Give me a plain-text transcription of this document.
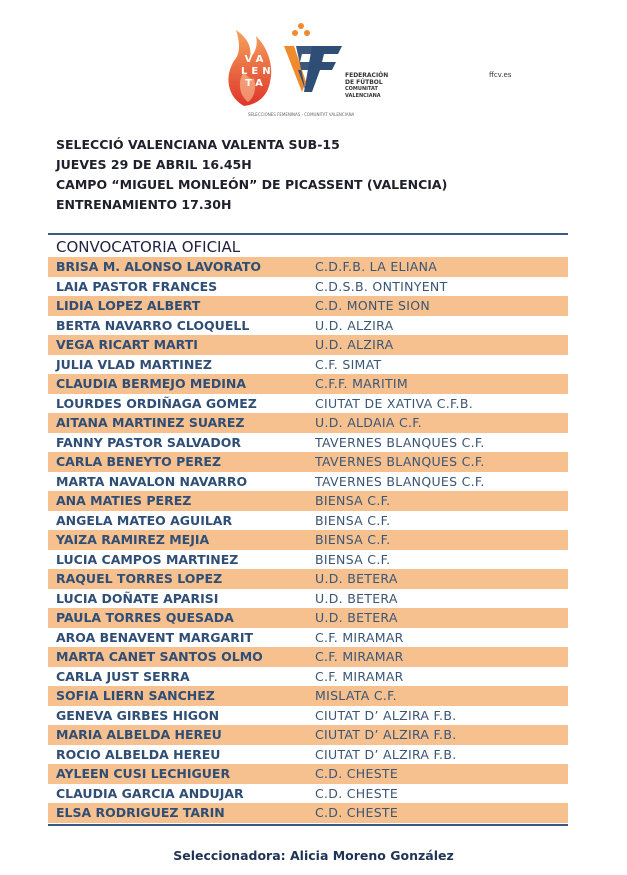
VA
LEN
TA
SELECCIONES FEMENINAS · COMUNITAT VALENCIANA
FEDERACIÓN
DE FÚTBOL
COMUNITAT
VALENCIANA
ffcv.es
SELECCIÓ VALENCIANA VALENTA SUB-15
JUEVES 29 DE ABRIL 16.45H
CAMPO “MIGUEL MONLEÓN” DE PICASSENT (VALENCIA)
ENTRENAMIENTO 17.30H
CONVOCATORIA OFICIAL
BRISA M. ALONSO LAVORATO	C.D.F.B. LA ELIANA
LAIA PASTOR FRANCES	C.D.S.B. ONTINYENT
LIDIA LOPEZ ALBERT	C.D. MONTE SION
BERTA NAVARRO CLOQUELL	U.D. ALZIRA
VEGA RICART MARTI	U.D. ALZIRA
JULIA VLAD MARTINEZ	C.F. SIMAT
CLAUDIA BERMEJO MEDINA	C.F.F. MARITIM
LOURDES ORDIÑAGA GOMEZ	CIUTAT DE XATIVA C.F.B.
AITANA MARTINEZ SUAREZ	U.D. ALDAIA C.F.
FANNY PASTOR SALVADOR	TAVERNES BLANQUES C.F.
CARLA BENEYTO PEREZ	TAVERNES BLANQUES C.F.
MARTA NAVALON NAVARRO	TAVERNES BLANQUES C.F.
ANA MATIES PEREZ	BIENSA C.F.
ANGELA MATEO AGUILAR	BIENSA C.F.
YAIZA RAMIREZ MEJIA	BIENSA C.F.
LUCIA CAMPOS MARTINEZ	BIENSA C.F.
RAQUEL TORRES LOPEZ	U.D. BETERA
LUCIA DOÑATE APARISI	U.D. BETERA
PAULA TORRES QUESADA	U.D. BETERA
AROA BENAVENT MARGARIT	C.F. MIRAMAR
MARTA CANET SANTOS OLMO	C.F. MIRAMAR
CARLA JUST SERRA	C.F. MIRAMAR
SOFIA LIERN SANCHEZ	MISLATA C.F.
GENEVA GIRBES HIGON	CIUTAT D’ ALZIRA F.B.
MARIA ALBELDA HEREU	CIUTAT D’ ALZIRA F.B.
ROCIO ALBELDA HEREU	CIUTAT D’ ALZIRA F.B.
AYLEEN CUSI LECHIGUER	C.D. CHESTE
CLAUDIA GARCIA ANDUJAR	C.D. CHESTE
ELSA RODRIGUEZ TARIN	C.D. CHESTE
Seleccionadora: Alicia Moreno González
